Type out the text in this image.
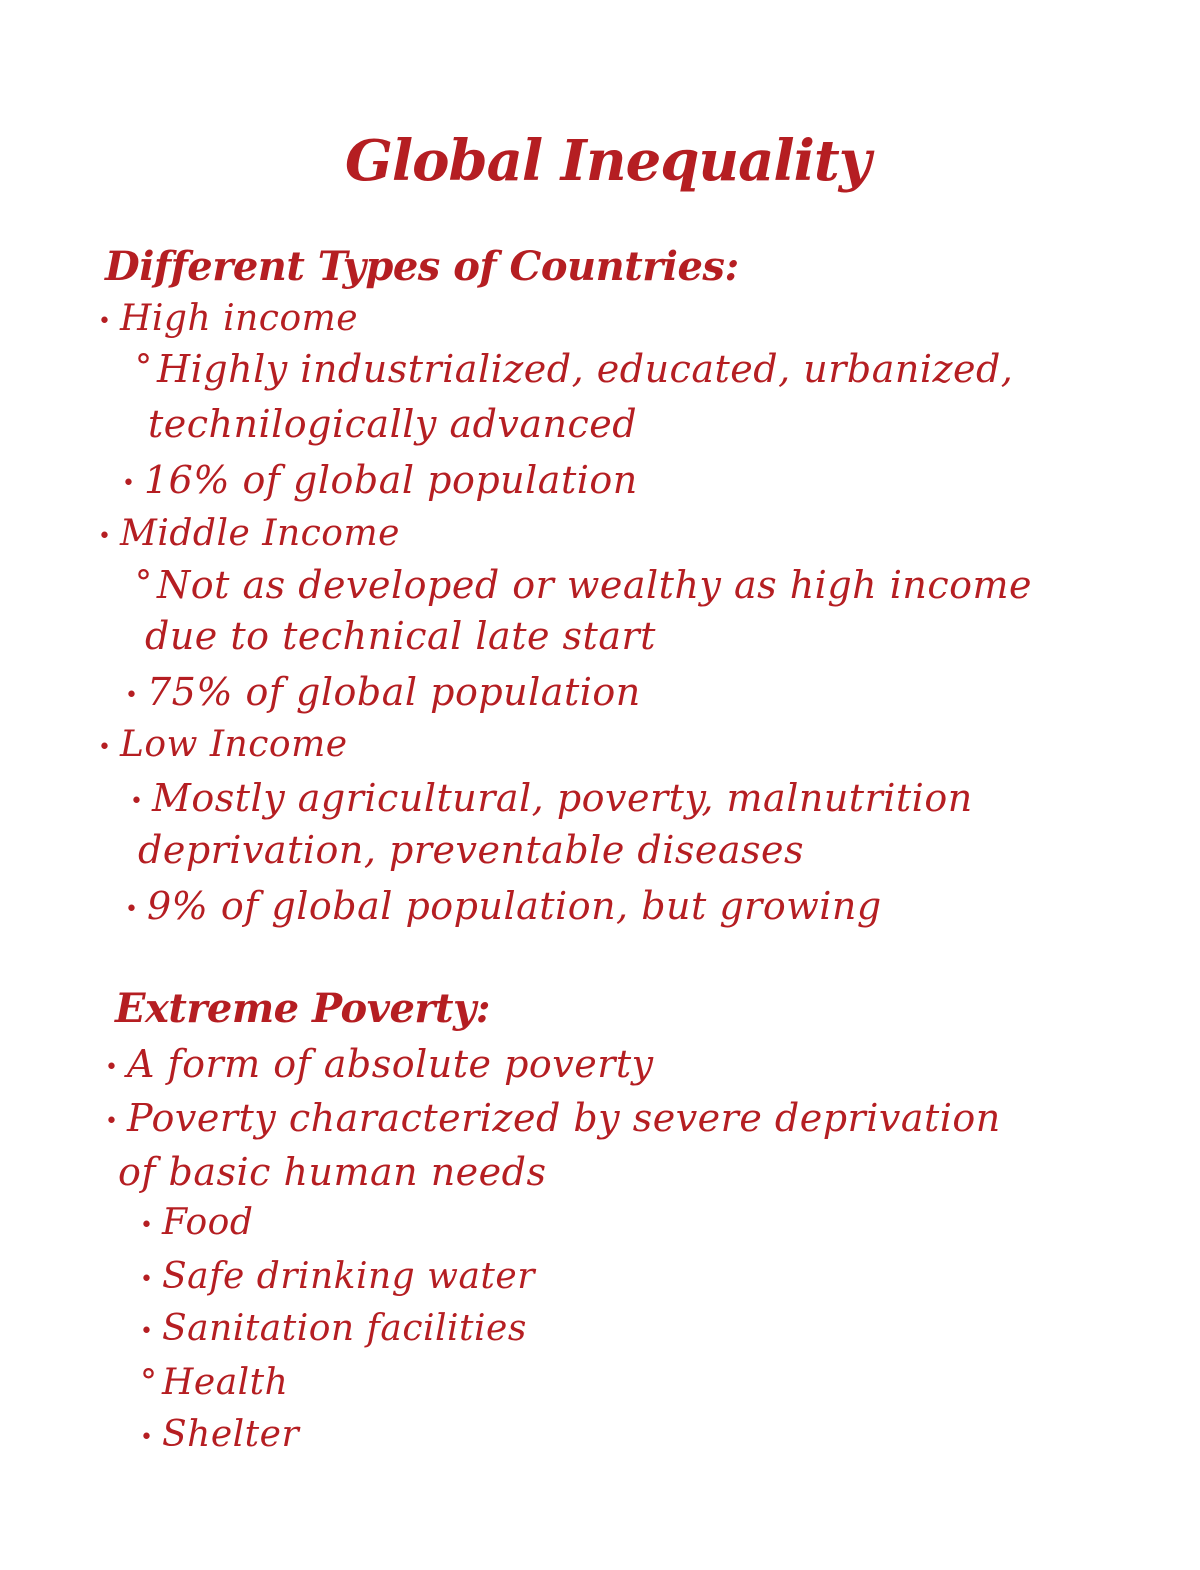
Global Inequality
Different Types of Countries:
•High income
°Highly industrialized, educated, urbanized,
technilogically advanced
•16% of global population
•Middle Income
°Not as developed or wealthy as high income
due to technical late start
•75% of global population
•Low Income
•Mostly agricultural, poverty, malnutrition
deprivation, preventable diseases
•9% of global population, but growing
Extreme Poverty:
•A form of absolute poverty
•Poverty characterized by severe deprivation
of basic human needs
•Food
•Safe drinking water
•Sanitation facilities
°Health
•Shelter
